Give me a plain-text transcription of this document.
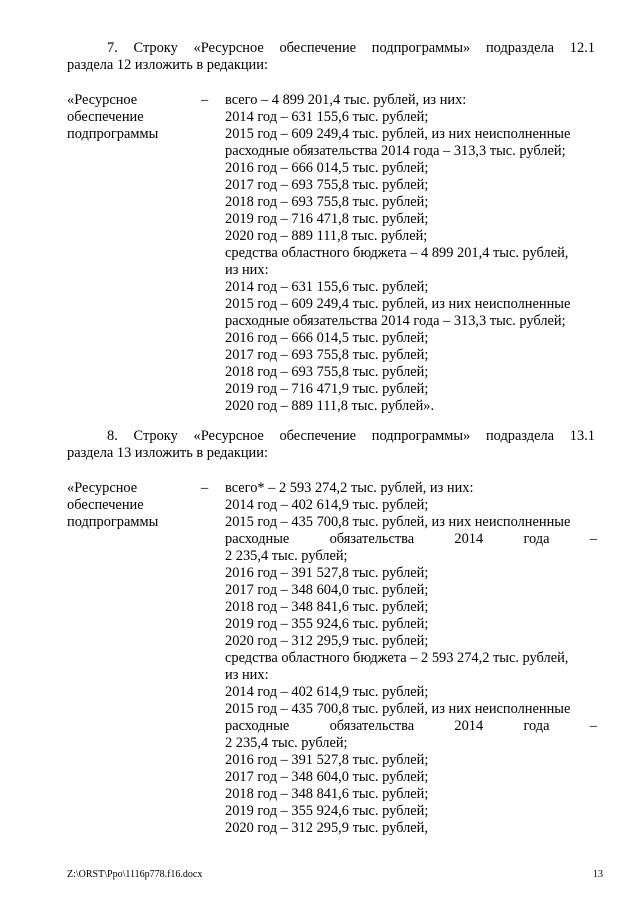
7. Строку «Ресурсное обеспечение подпрограммы» подраздела 12.1
раздела 12 изложить в редакции:
«Ресурсное
обеспечение
подпрограммы
– всего – 4 899 201,4 тыс. рублей, из них:
2014 год – 631 155,6 тыс. рублей;
2015 год – 609 249,4 тыс. рублей, из них неисполненные
расходные обязательства 2014 года – 313,3 тыс. рублей;
2016 год – 666 014,5 тыс. рублей;
2017 год – 693 755,8 тыс. рублей;
2018 год – 693 755,8 тыс. рублей;
2019 год – 716 471,8 тыс. рублей;
2020 год – 889 111,8 тыс. рублей;
средства областного бюджета – 4 899 201,4 тыс. рублей,
из них:
2014 год – 631 155,6 тыс. рублей;
2015 год – 609 249,4 тыс. рублей, из них неисполненные
расходные обязательства 2014 года – 313,3 тыс. рублей;
2016 год – 666 014,5 тыс. рублей;
2017 год – 693 755,8 тыс. рублей;
2018 год – 693 755,8 тыс. рублей;
2019 год – 716 471,9 тыс. рублей;
2020 год – 889 111,8 тыс. рублей».
8. Строку «Ресурсное обеспечение подпрограммы» подраздела 13.1
раздела 13 изложить в редакции:
«Ресурсное
обеспечение
подпрограммы
– всего* – 2 593 274,2 тыс. рублей, из них:
2014 год – 402 614,9 тыс. рублей;
2015 год – 435 700,8 тыс. рублей, из них неисполненные
расходные обязательства 2014 года –
2 235,4 тыс. рублей;
2016 год – 391 527,8 тыс. рублей;
2017 год – 348 604,0 тыс. рублей;
2018 год – 348 841,6 тыс. рублей;
2019 год – 355 924,6 тыс. рублей;
2020 год – 312 295,9 тыс. рублей;
средства областного бюджета – 2 593 274,2 тыс. рублей,
из них:
2014 год – 402 614,9 тыс. рублей;
2015 год – 435 700,8 тыс. рублей, из них неисполненные
расходные обязательства 2014 года –
2 235,4 тыс. рублей;
2016 год – 391 527,8 тыс. рублей;
2017 год – 348 604,0 тыс. рублей;
2018 год – 348 841,6 тыс. рублей;
2019 год – 355 924,6 тыс. рублей;
2020 год – 312 295,9 тыс. рублей,
Z:\ORST\Ppo\1116p778.f16.docx	13
